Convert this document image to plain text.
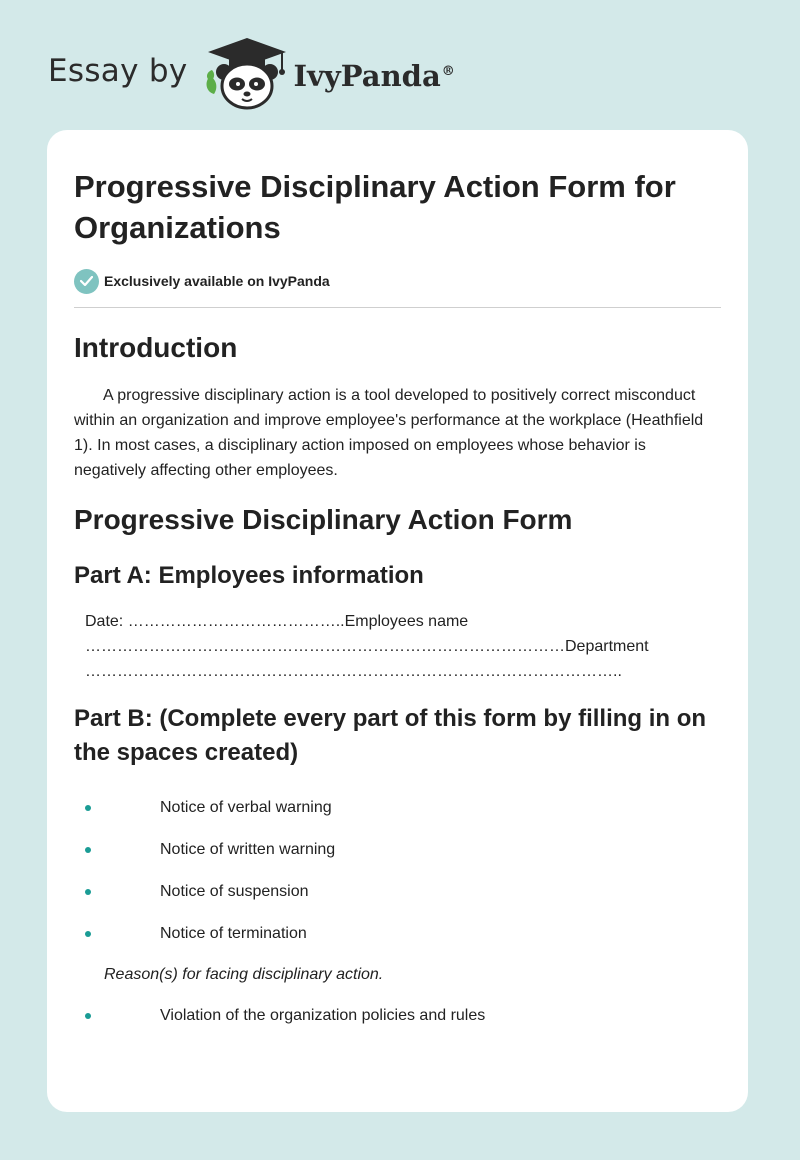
Essay by	IvyPanda®
Progressive Disciplinary Action Form for Organizations
Exclusively available on IvyPanda
Introduction

A progressive disciplinary action is a tool developed to positively correct misconduct within an organization and improve employee's performance at the workplace (Heathfield 1). In most cases, a disciplinary action imposed on employees whose behavior is negatively affecting other employees.

Progressive Disciplinary Action Form
Part A: Employees information
Date: …………………………………..Employees name
………………………………………………………………………………Department
………………………………………………………………………………………..
Part B: (Complete every part of this form by filling in on the spaces created)
Notice of verbal warning
Notice of written warning
Notice of suspension
Notice of termination
Reason(s) for facing disciplinary action.
Violation of the organization policies and rules
